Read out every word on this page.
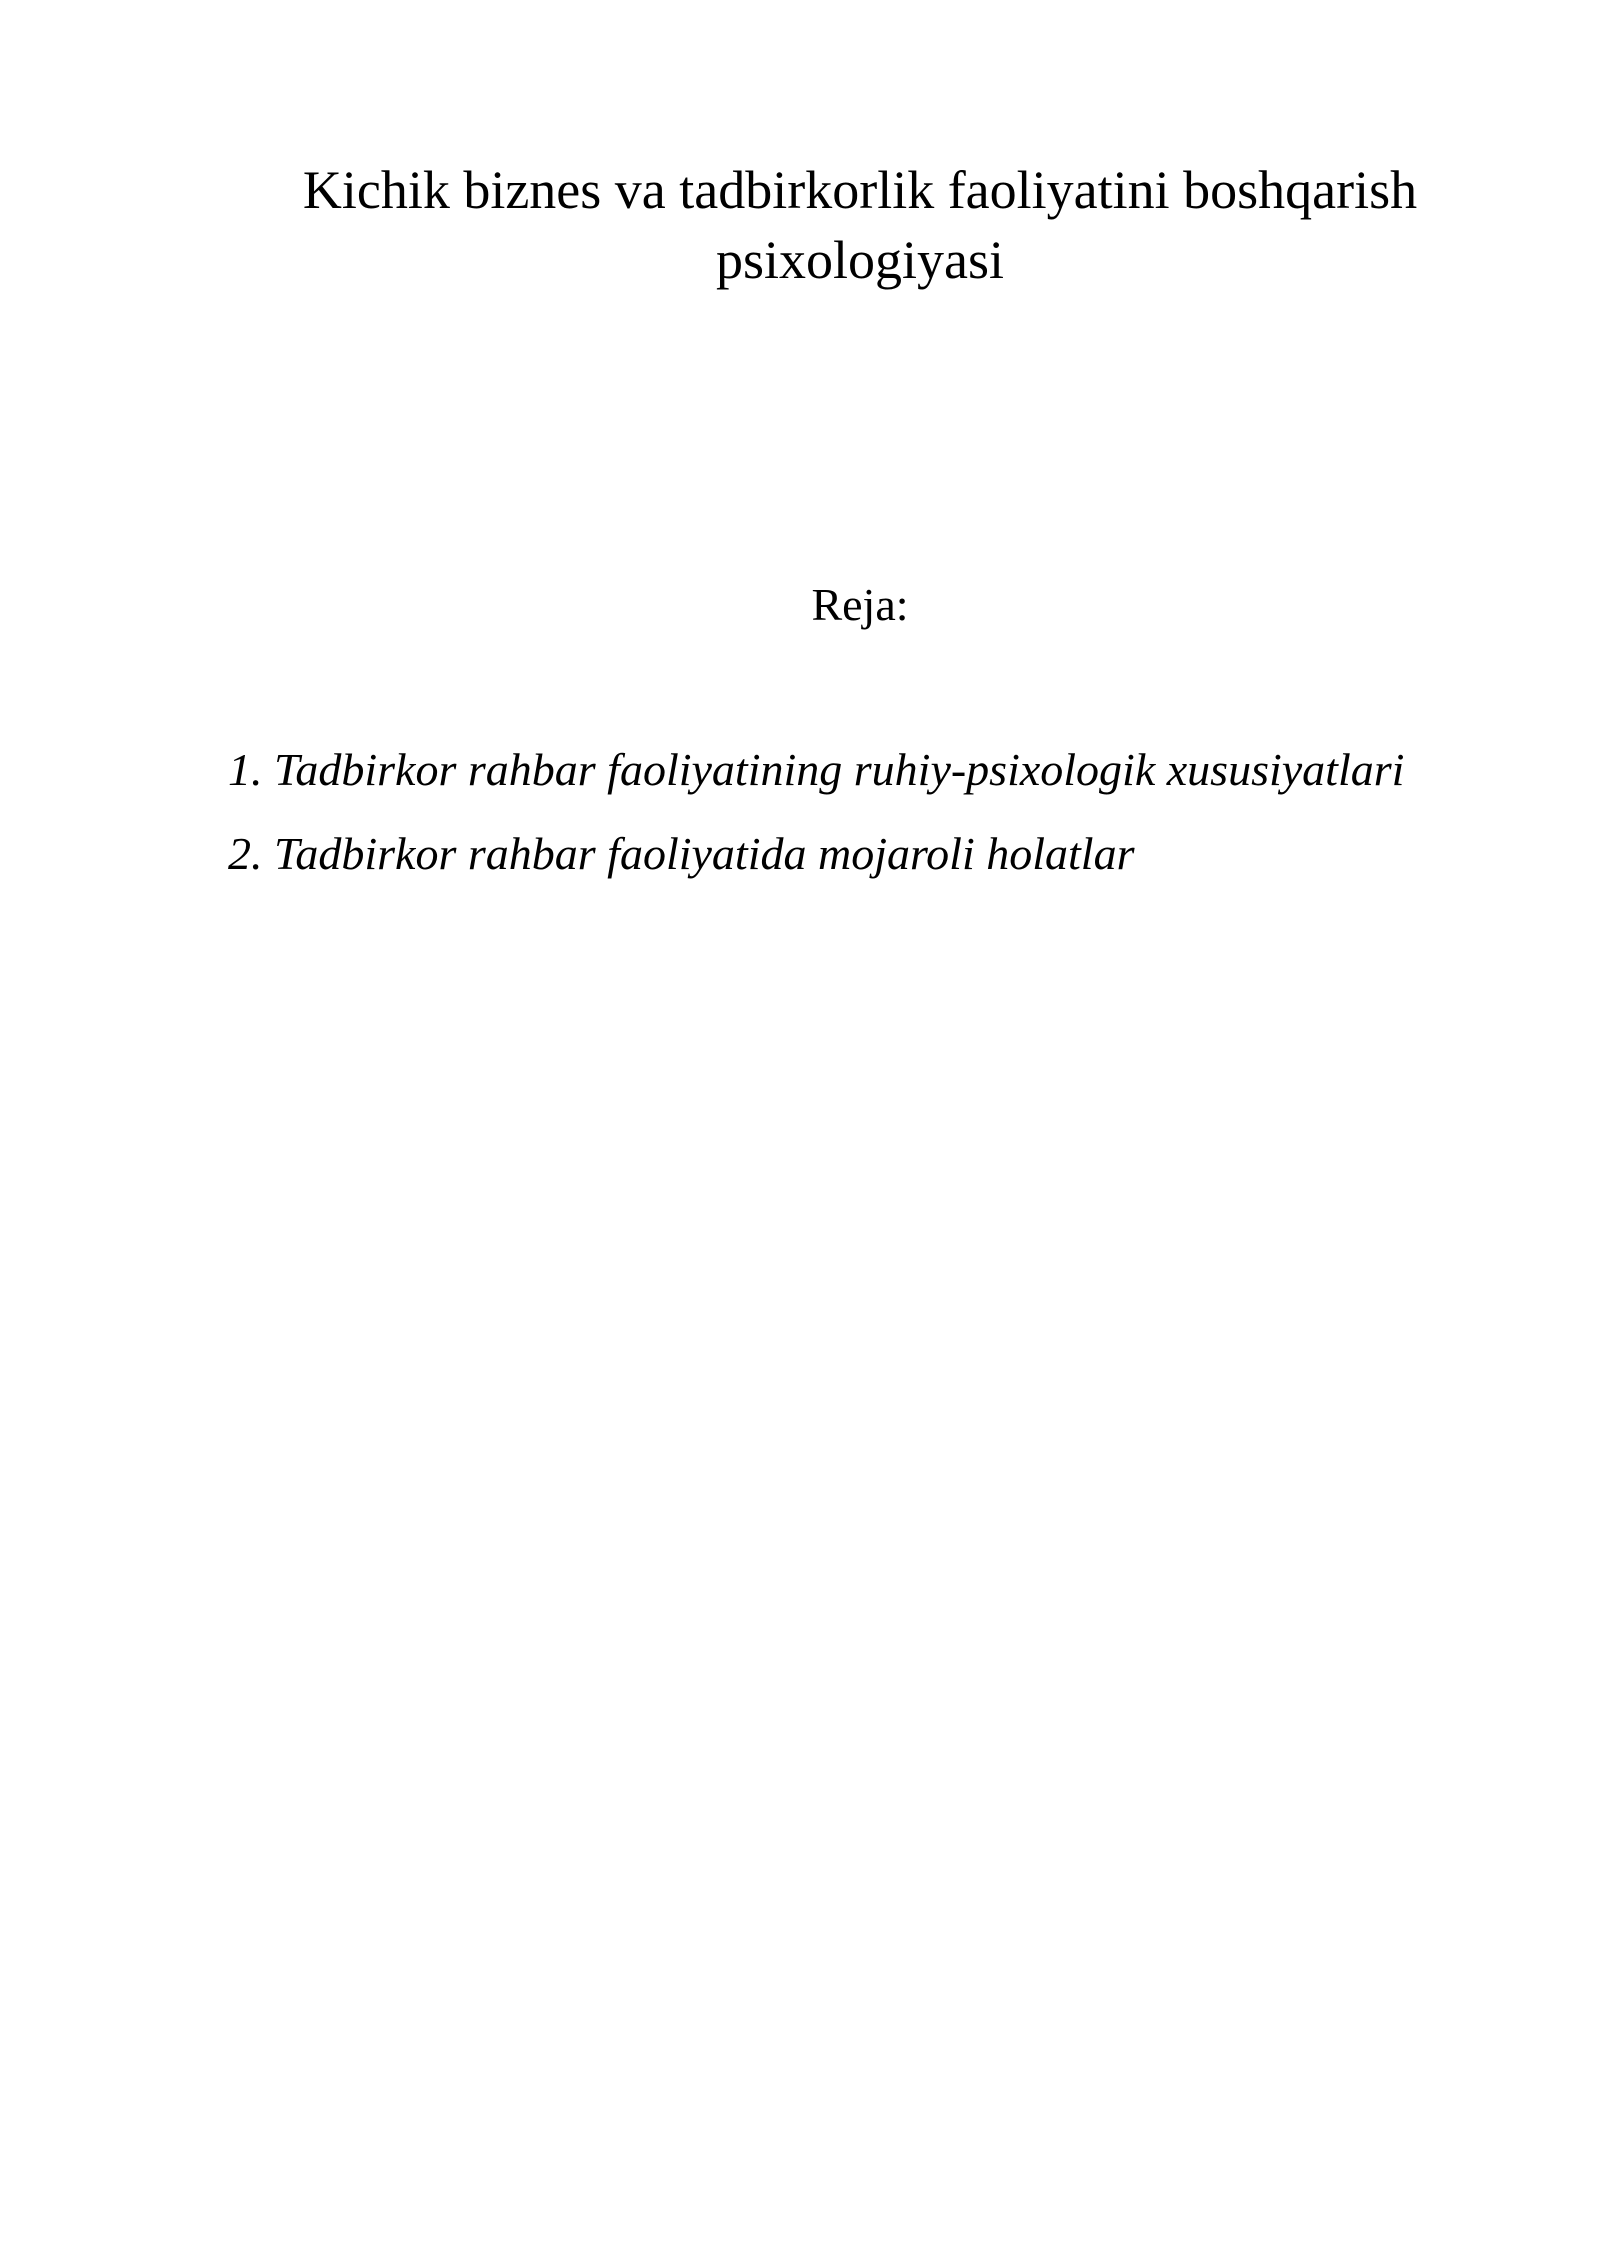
Kichik biznes va tadbirkorlik faoliyatini boshqarish
psixologiyasi
Reja:
1. Tadbirkor rahbar faoliyatining ruhiy-psixologik xususiyatlari
2. Tadbirkor rahbar faoliyatida mojaroli holatlar
